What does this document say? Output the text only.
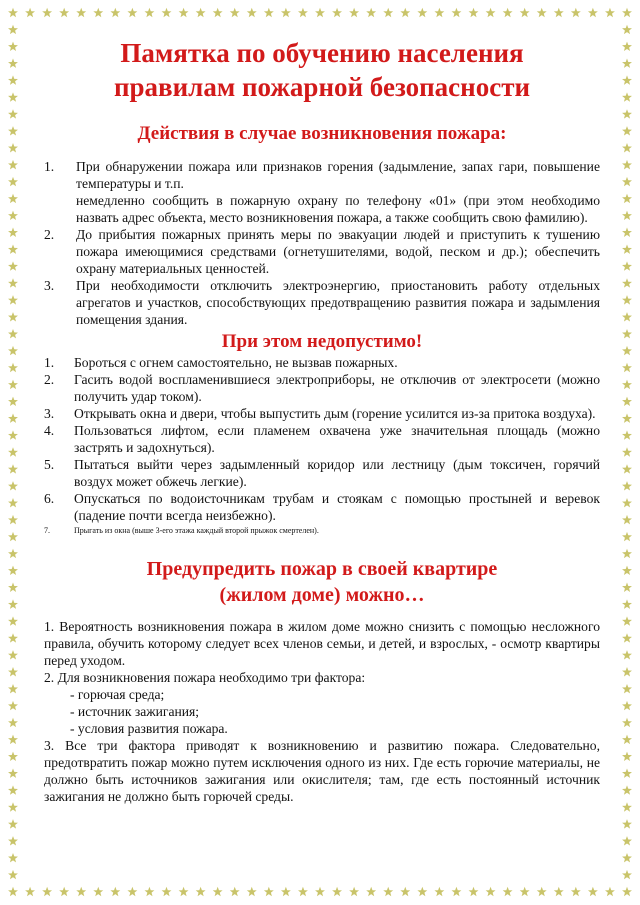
Памятка по обучению населения
правилам пожарной безопасности
Действия в случае возникновения пожара:
1.	При обнаружении пожара или признаков горения (задымление, запах гари, повышение температуры и т.п.
немедленно сообщить в пожарную охрану по телефону «01» (при этом необходимо назвать адрес объекта, место возникновения пожара, а также сообщить свою фамилию).
2.	До прибытия пожарных принять меры по эвакуации людей и приступить к тушению пожара имеющимися средствами (огнетушителями, водой, песком и др.); обеспечить охрану материальных ценностей.
3.	При необходимости отключить электроэнергию, приостановить работу отдельных агрегатов и участков, способствующих предотвращению развития пожара и задымления помещения здания.
При этом недопустимо!
1.	Бороться с огнем самостоятельно, не вызвав пожарных.
2.	Гасить водой воспламенившиеся электроприборы, не отключив от электросети (можно получить удар током).
3.	Открывать окна и двери, чтобы выпустить дым (горение усилится из-за притока воздуха).
4.	Пользоваться лифтом, если пламенем охвачена уже значительная площадь (можно застрять и задохнуться).
5.	Пытаться выйти через задымленный коридор или лестницу (дым токсичен, горячий воздух может обжечь легкие).
6.	Опускаться по водоисточникам трубам и стоякам с помощью простыней и веревок (падение почти всегда неизбежно).
7.	Прыгать из окна (выше 3-его этажа каждый второй прыжок смертелен).
Предупредить пожар в своей квартире
(жилом доме) можно…

1. Вероятность возникновения пожара в жилом доме можно снизить с помощью несложного правила, обучить которому следует всех членов семьи, и детей, и взрослых, - осмотр квартиры перед уходом.

2. Для возникновения пожара необходимо три фактора:

- горючая среда;

- источник зажигания;

- условия развития пожара.

3. Все три фактора приводят к возникновению и развитию пожара. Следовательно, предотвратить пожар можно путем исключения одного из них. Где есть горючие материалы, не должно быть источников зажигания или окислителя; там, где есть постоянный источник зажигания не должно быть горючей среды.
